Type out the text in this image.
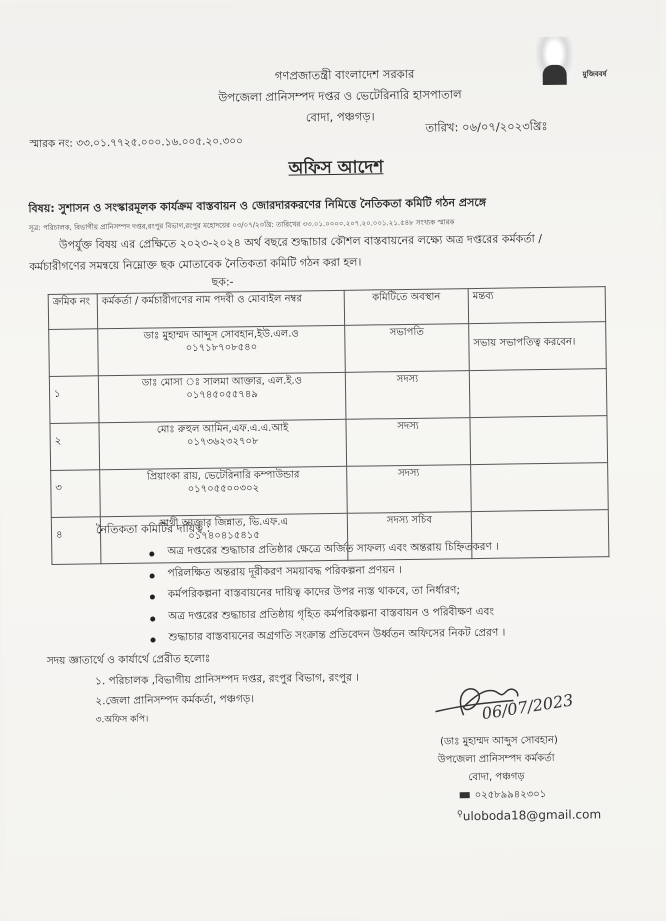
মুজিববর্ষ
গণপ্রজাতন্ত্রী বাংলাদেশ সরকার
উপজেলা প্রানিসম্পদ দপ্তর ও ভেটেরিনারি হাসপাতাল
বোদা, পঞ্চগড়।
তারিখ: ০৬/০৭/২০২৩খ্রিঃ
স্মারক নং: ৩৩.০১.৭৭২৫.০০০.১৬.০০৫.২০.৩০০
অফিস আদেশ
বিষয়: সুশাসন ও সংস্কারমূলক কার্যক্রম বাস্তবায়ন ও জোরদারকরণের নিমিত্তে নৈতিকতা কমিটি গঠন প্রসঙ্গে
সূত্র: পরিচালক, বিভাগীয় প্রানিসম্পদ দপ্তর,রংপুর বিভাগ,রংপুর মহোদয়ের ০৩/০৭/২৩খ্রি: তারিখের ৩৩.০১.০০০০.২০৭.২০.০০১.২১.৫৪৮ সংখ্যক স্মারক
উপর্যুক্ত বিষয় এর প্রেক্ষিতে ২০২৩-২০২৪ অর্থ বছরে শুদ্ধাচার কৌশল বাস্তবায়নের লক্ষ্যে অত্র দপ্তরের কর্মকর্তা /
কর্মচারীগণের সমন্বয়ে নিম্নোক্ত ছক মোতাবেক নৈতিকতা কমিটি গঠন করা হল।
ছক:-
ক্রমিক নং	কর্মকর্তা / কর্মচারীগণের নাম পদবী ও মোবাইল নম্বর	কমিটিতে অবস্থান	মন্তব্য

	ডাঃ মুহাম্মদ আব্দুস সোবহান,ইউ.এল.ও
০১৭১৮৭০৮৫৪০	সভাপতি	সভায় সভাপতিত্ব করবেন।
১	ডাঃ মোসা ঃ সালমা আক্তার, এল.ই.ও
০১৭৪৫০৫৫৭৪৯	সদস্য	
২	মোঃ রুহুল আমিন,এফ.এ.এ.আই
০১৭৩৬২৩২৭০৮	সদস্য	
৩	প্রিয়াংকা রায়, ভেটেরিনারি কম্পাউন্ডার
০১৭০৫৫০০৩০২	সদস্য	
৪	সাথী আক্তার জিন্নাত, ভি.এফ.এ
০১৭৪০৪১৫৪১৫	সদস্য সচিব	
নৈতিকতা কমিটির দায়িত্ব :
অত্র দপ্তরের শুদ্ধাচার প্রতিষ্ঠার ক্ষেত্রে অর্জিত সাফল্য এবং অন্তরায় চিহ্নিতকরণ ।
পরিলক্ষিত অন্তরায় দূরীকরণ সময়াবদ্ধ পরিকল্পনা প্রণয়ন ।
কর্মপরিকল্পনা বাস্তবায়নের দায়িত্ব কাদের উপর ন্যস্ত থাকবে, তা নির্ধারণ;
অত্র দপ্তরের শুদ্ধাচার প্রতিষ্ঠায় গৃহিত কর্মপরিকল্পনা বাস্তবায়ন ও পরিবীক্ষণ এবং
শুদ্ধাচার বাস্তবায়নের অগ্রগতি সংক্রান্ত প্রতিবেদন উর্ধ্বতন অফিসের নিকট প্রেরণ ।
সদয় জ্ঞাতার্থে ও কার্যার্থে প্রেরীত হলোঃ
১. পরিচালক ,বিভাগীয় প্রানিসম্পদ দপ্তর, রংপুর বিভাগ, রংপুর ।
২.জেলা প্রানিসম্পদ কর্মকর্তা, পঞ্চগড়।
৩.অফিস কপি।	06/07/2023
(ডাঃ মুহাম্মদ আব্দুস সোবহান)
উপজেলা প্রানিসম্পদ কর্মকর্তা
বোদা, পঞ্চগড়
০২৫৮৯৯৪২৩০১
⚲uloboda18@gmail.com
